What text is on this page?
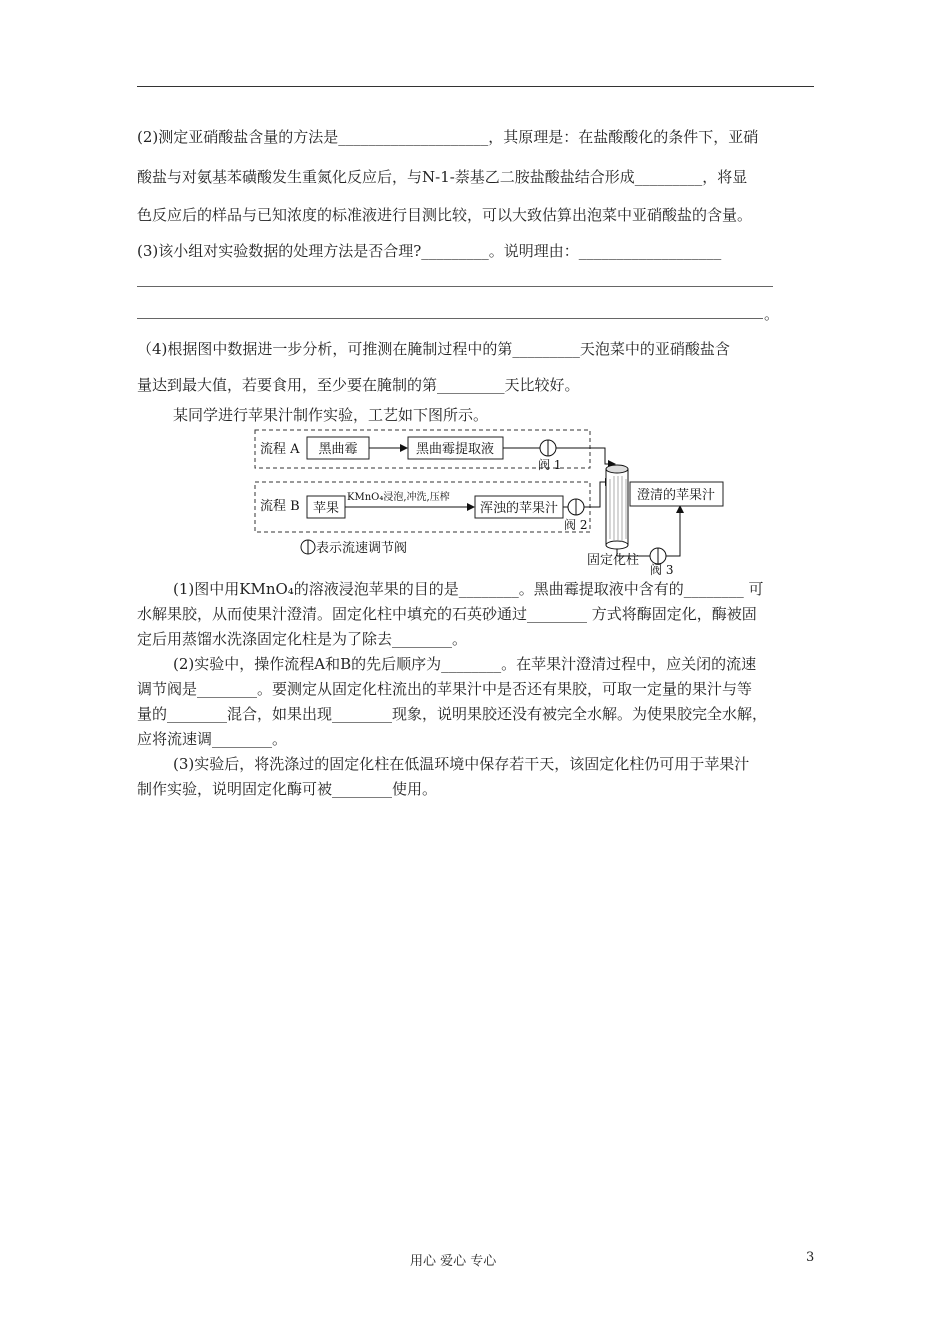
(2)测定亚硝酸盐含量的方法是____________________，其原理是：在盐酸酸化的条件下，亚硝
酸盐与对氨基苯磺酸发生重氮化反应后，与N-1-萘基乙二胺盐酸盐结合形成_________，将显
色反应后的样品与已知浓度的标准液进行目测比较，可以大致估算出泡菜中亚硝酸盐的含量。
(3)该小组对实验数据的处理方法是否合理?_________。说明理由：___________________
。
（4)根据图中数据进一步分析，可推测在腌制过程中的第_________天泡菜中的亚硝酸盐含
量达到最大值，若要食用，至少要在腌制的第_________天比较好。
某同学进行苹果汁制作实验，工艺如下图所示。
流程 A 黑曲霉	黑曲霉提取液
阀 1
流程 B 苹果
KMnO₄浸泡,冲洗,压榨
浑浊的苹果汁
阀 2
固定化柱
阀 3
澄清的苹果汁
表示流速调节阀
(1)图中用KMnO₄的溶液浸泡苹果的目的是________。黑曲霉提取液中含有的________ 可
水解果胶，从而使果汁澄清。固定化柱中填充的石英砂通过________ 方式将酶固定化，酶被固
定后用蒸馏水洗涤固定化柱是为了除去________。
(2)实验中，操作流程A和B的先后顺序为________。在苹果汁澄清过程中，应关闭的流速
调节阀是________。要测定从固定化柱流出的苹果汁中是否还有果胶，可取一定量的果汁与等
量的________混合，如果出现________现象，说明果胶还没有被完全水解。为使果胶完全水解，
应将流速调________。
(3)实验后，将洗涤过的固定化柱在低温环境中保存若干天，该固定化柱仍可用于苹果汁
制作实验，说明固定化酶可被________使用。
用心 爱心 专心	3
